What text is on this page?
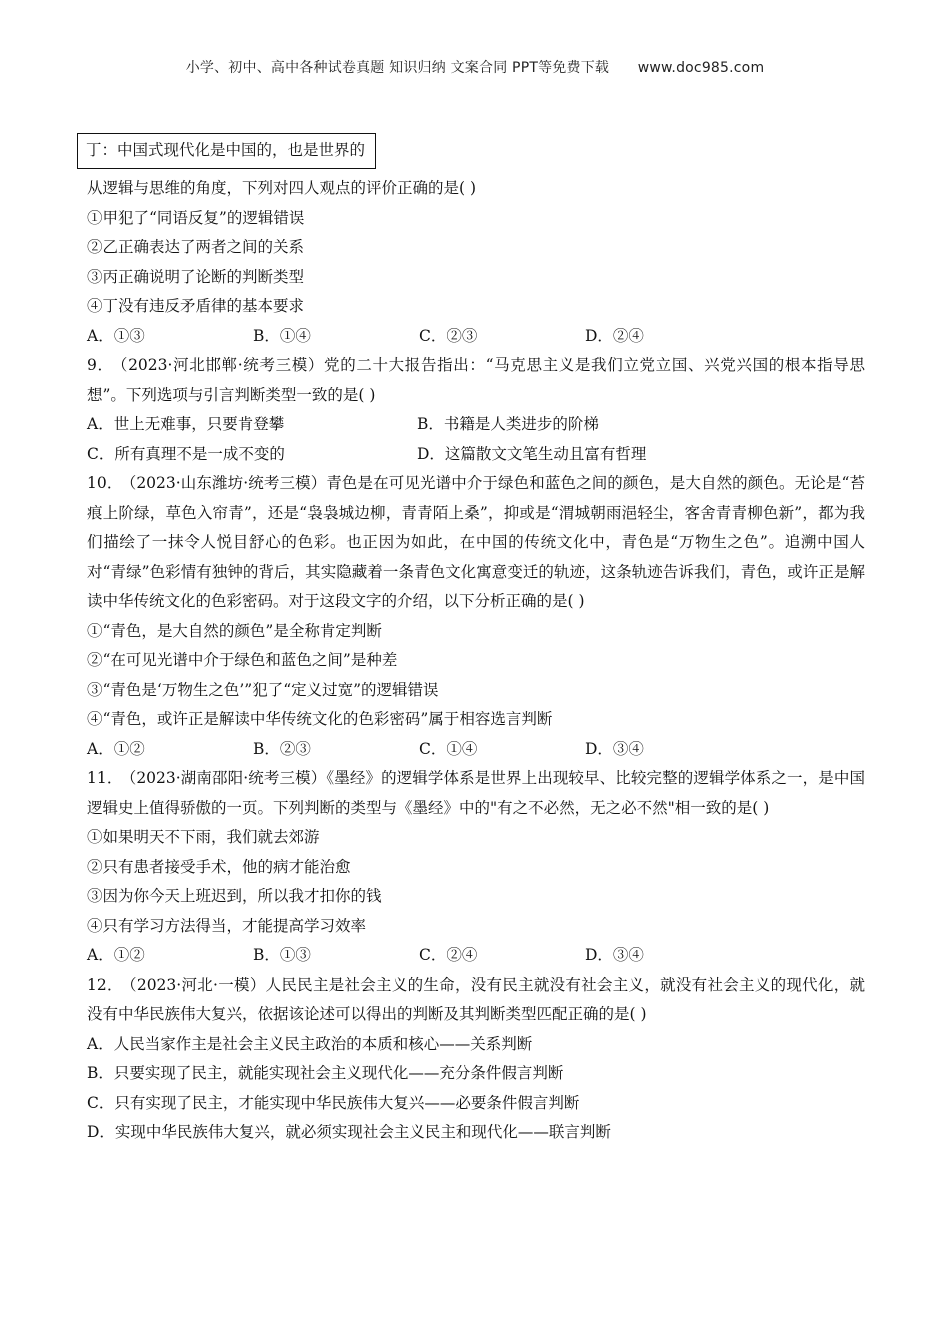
小学、初中、高中各种试卷真题 知识归纳 文案合同 PPT等免费下载 www.doc985.com
丁：中国式现代化是中国的，也是世界的
从逻辑与思维的角度，下列对四人观点的评价正确的是( )
①甲犯了“同语反复”的逻辑错误
②乙正确表达了两者之间的关系
③丙正确说明了论断的判断类型
④丁没有违反矛盾律的基本要求
A．①③	B．①④	C．②③	D．②④
9． （2023·河北邯郸·统考三模）党的二十大报告指出：“马克思主义是我们立党立国、兴党兴国的根本指导思想”。下列选项与引言判断类型一致的是( )
A．世上无难事，只要肯登攀	B．书籍是人类进步的阶梯
C．所有真理不是一成不变的	D．这篇散文文笔生动且富有哲理
10． （2023·山东潍坊·统考三模）青色是在可见光谱中介于绿色和蓝色之间的颜色，是大自然的颜色。无论是“苔痕上阶绿，草色入帘青”，还是“袅袅城边柳，青青陌上桑”，抑或是“渭城朝雨浥轻尘，客舍青青柳色新”，都为我们描绘了一抹令人悦目舒心的色彩。也正因为如此，在中国的传统文化中，青色是“万物生之色”。追溯中国人对“青绿”色彩情有独钟的背后，其实隐藏着一条青色文化寓意变迁的轨迹，这条轨迹告诉我们，青色，或许正是解读中华传统文化的色彩密码。对于这段文字的介绍，以下分析正确的是( )
①“青色，是大自然的颜色”是全称肯定判断
②“在可见光谱中介于绿色和蓝色之间”是种差
③“青色是‘万物生之色’”犯了“定义过宽”的逻辑错误
④“青色，或许正是解读中华传统文化的色彩密码”属于相容选言判断
A．①②	B．②③	C．①④	D．③④
11． （2023·湖南邵阳·统考三模）《墨经》的逻辑学体系是世界上出现较早、比较完整的逻辑学体系之一，是中国逻辑史上值得骄傲的一页。下列判断的类型与《墨经》中的"有之不必然，无之必不然"相一致的是( )
①如果明天不下雨，我们就去郊游
②只有患者接受手术，他的病才能治愈
③因为你今天上班迟到，所以我才扣你的钱
④只有学习方法得当，才能提高学习效率
A．①②	B．①③	C．②④	D．③④
12． （2023·河北·一模）人民民主是社会主义的生命，没有民主就没有社会主义，就没有社会主义的现代化，就没有中华民族伟大复兴，依据该论述可以得出的判断及其判断类型匹配正确的是( )
A．人民当家作主是社会主义民主政治的本质和核心——关系判断
B．只要实现了民主，就能实现社会主义现代化——充分条件假言判断
C．只有实现了民主，才能实现中华民族伟大复兴——必要条件假言判断
D．实现中华民族伟大复兴，就必须实现社会主义民主和现代化——联言判断
